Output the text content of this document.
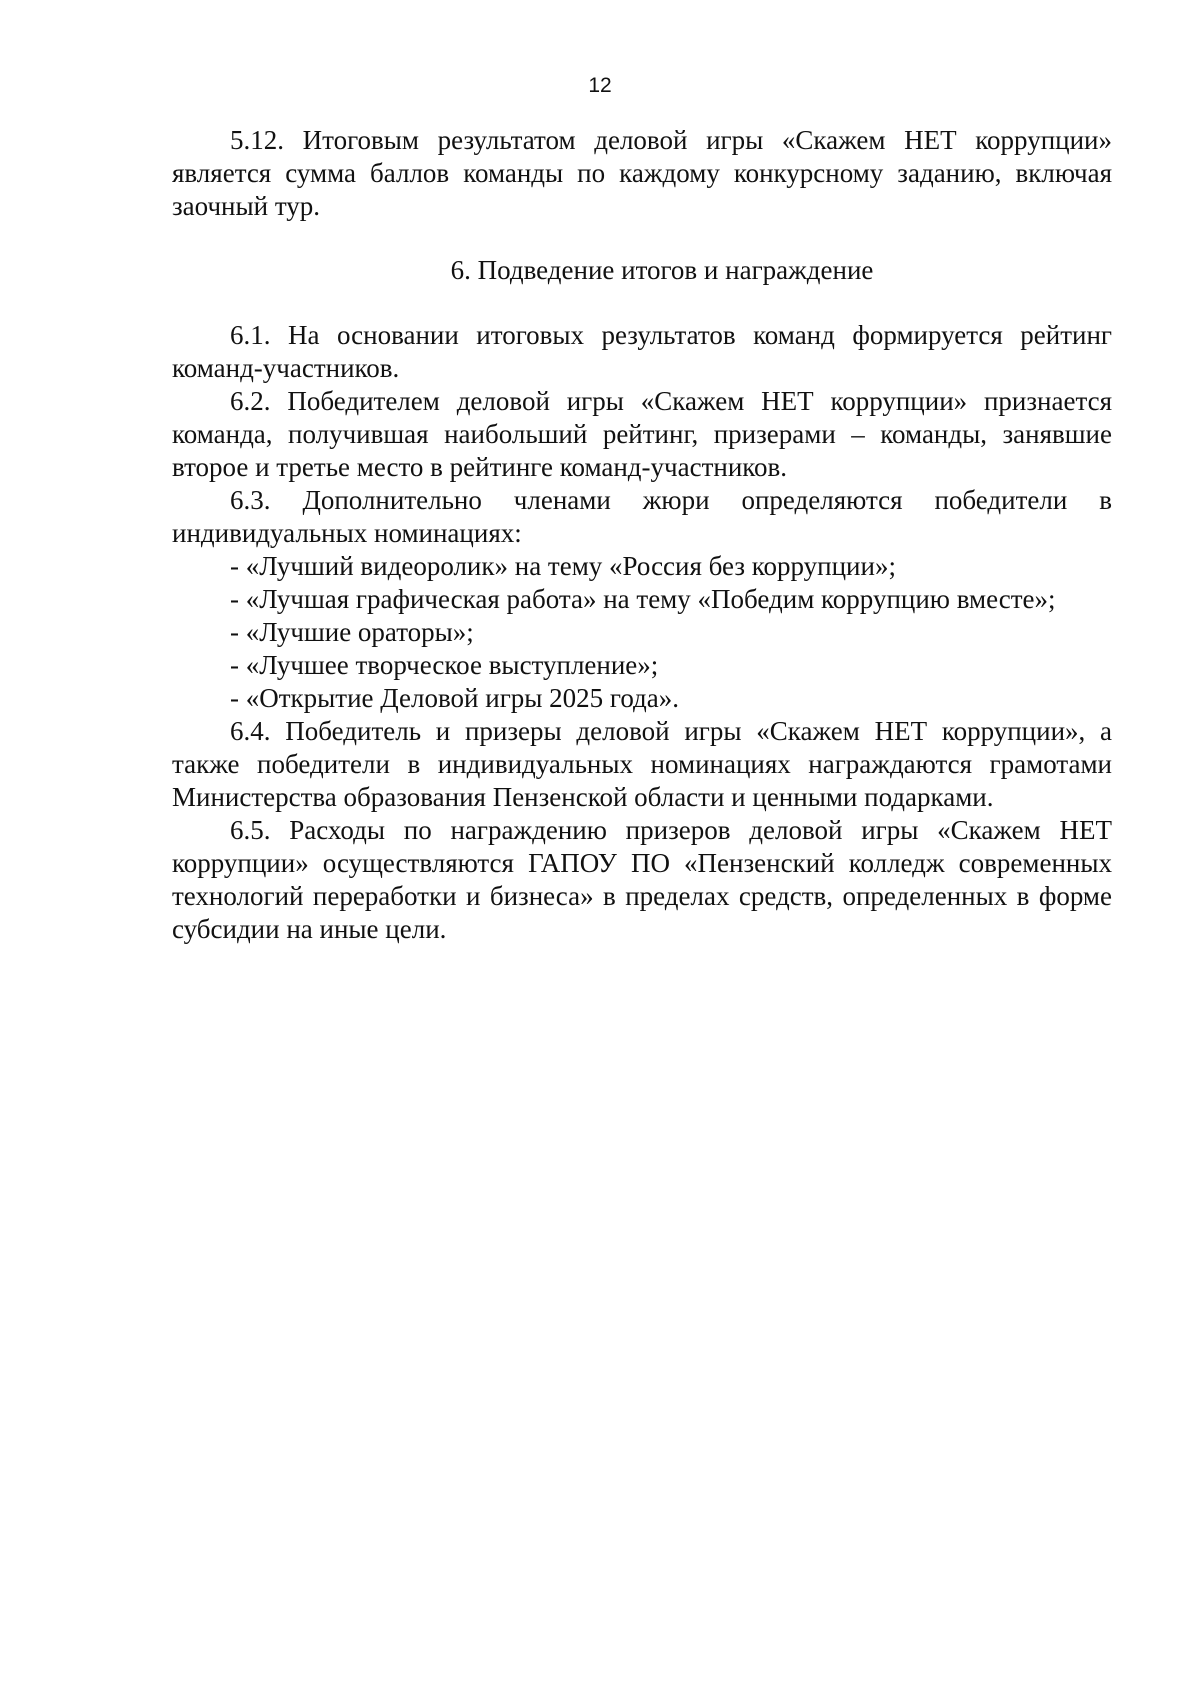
12

5.12. Итоговым результатом деловой игры «Скажем НЕТ коррупции» является сумма баллов команды по каждому конкурсному заданию, включая заочный тур.

6. Подведение итогов и награждение

6.1. На основании итоговых результатов команд формируется рейтинг команд-участников.

6.2. Победителем деловой игры «Скажем НЕТ коррупции» признается команда, получившая наибольший рейтинг, призерами – команды, занявшие второе и третье место в рейтинге команд-участников.

6.3. Дополнительно членами жюри определяются победители в индивидуальных номинациях:

- «Лучший видеоролик» на тему «Россия без коррупции»;

- «Лучшая графическая работа» на тему «Победим коррупцию вместе»;

- «Лучшие ораторы»;

- «Лучшее творческое выступление»;

- «Открытие Деловой игры 2025 года».

6.4. Победитель и призеры деловой игры «Скажем НЕТ коррупции», а также победители в индивидуальных номинациях награждаются грамотами Министерства образования Пензенской области и ценными подарками.

6.5. Расходы по награждению призеров деловой игры «Скажем НЕТ коррупции» осуществляются ГАПОУ ПО «Пензенский колледж современных технологий переработки и бизнеса» в пределах средств, определенных в форме субсидии на иные цели.
